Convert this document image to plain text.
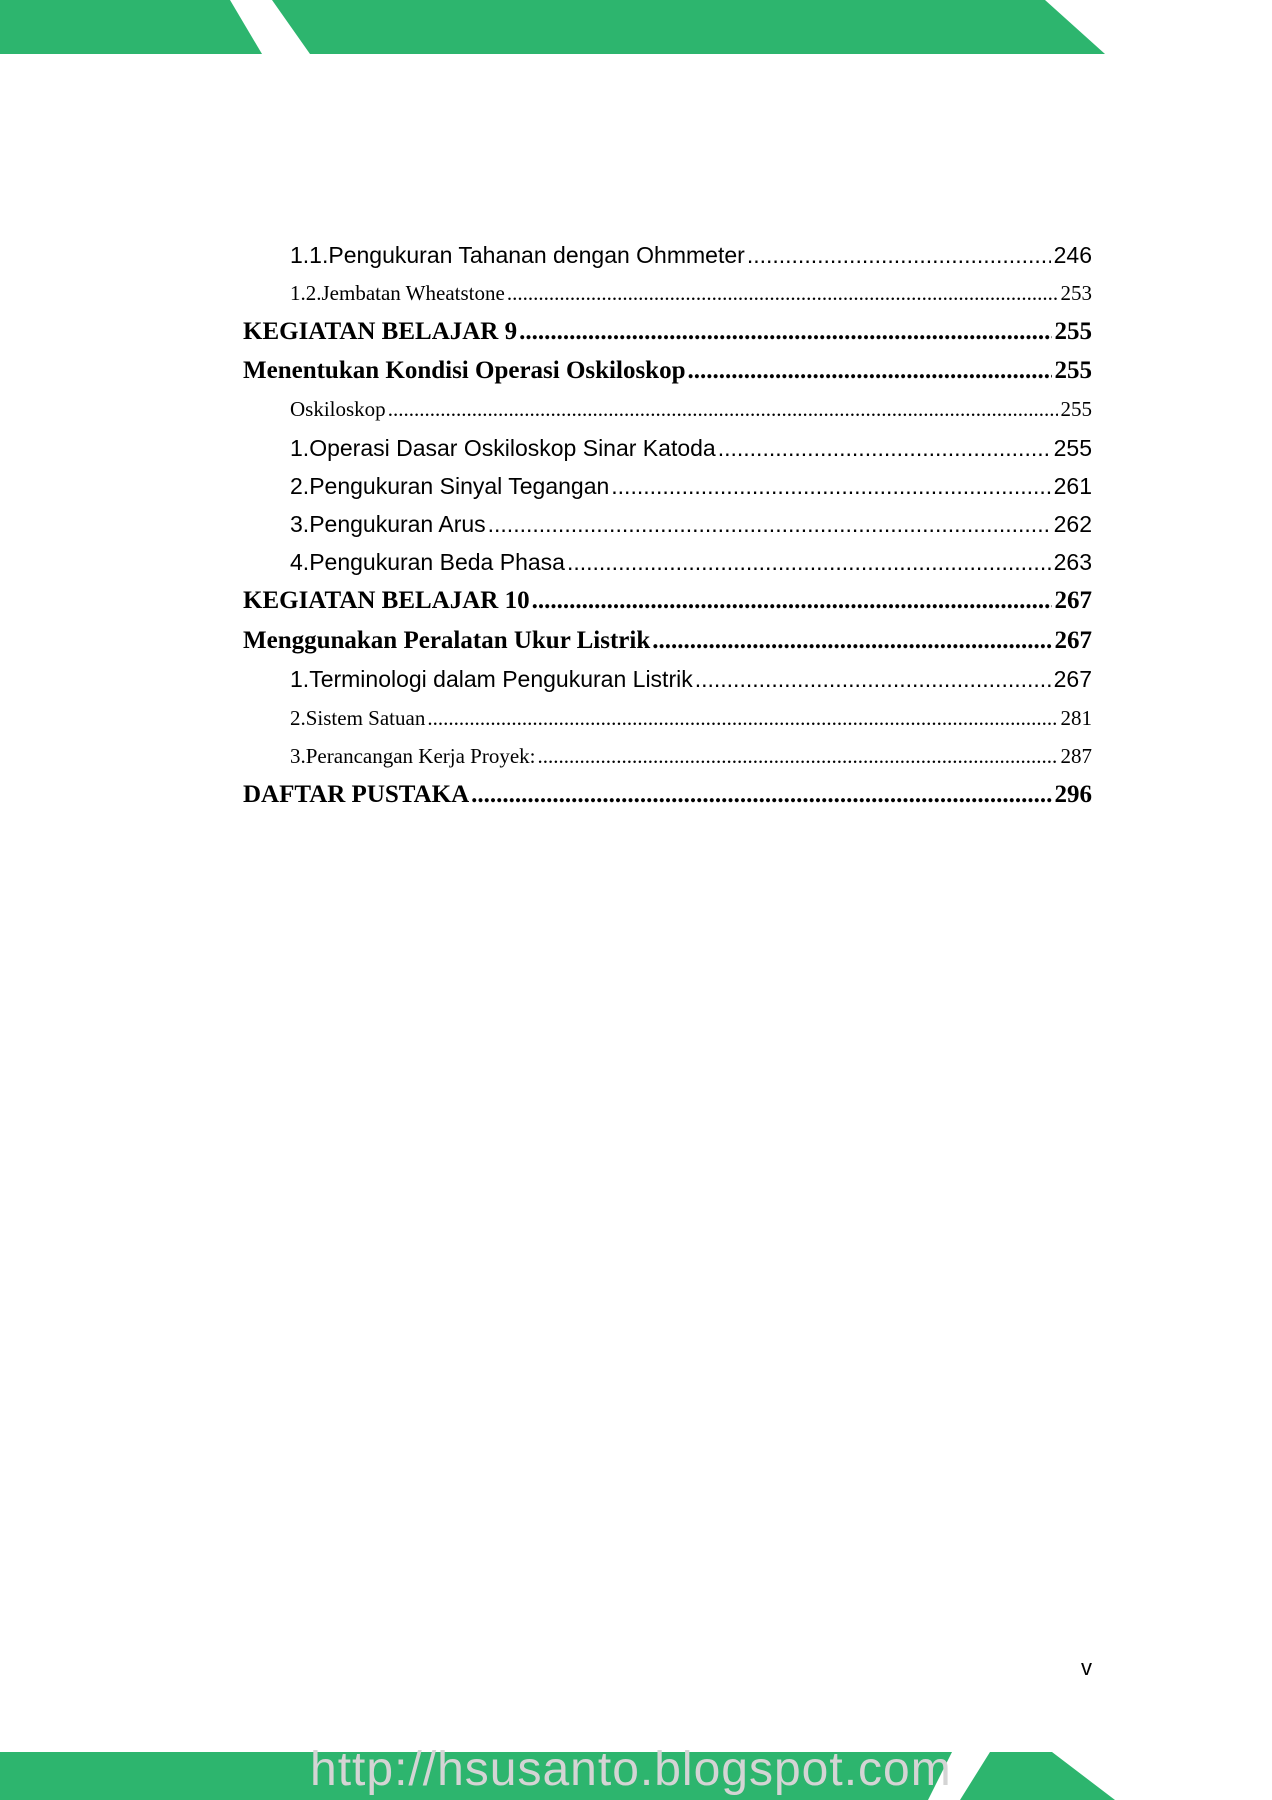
1.1. Pengukuran Tahanan dengan Ohmmeter .....	246
1.2. Jembatan Wheatstone .....	253
KEGIATAN BELAJAR 9 .....	255
Menentukan Kondisi Operasi Oskiloskop .....	255
Oskiloskop .....	255
1. Operasi Dasar Oskiloskop Sinar Katoda .....	255
2. Pengukuran Sinyal Tegangan .....	261
3. Pengukuran Arus .....	262
4. Pengukuran Beda Phasa .....	263
KEGIATAN BELAJAR 10 .....	267
Menggunakan Peralatan Ukur Listrik .....	267
1. Terminologi dalam Pengukuran Listrik .....	267
2. Sistem Satuan .....	281
3. Perancangan Kerja Proyek: .....	287
DAFTAR PUSTAKA .....	296
v
http://hsusanto.blogspot.com
